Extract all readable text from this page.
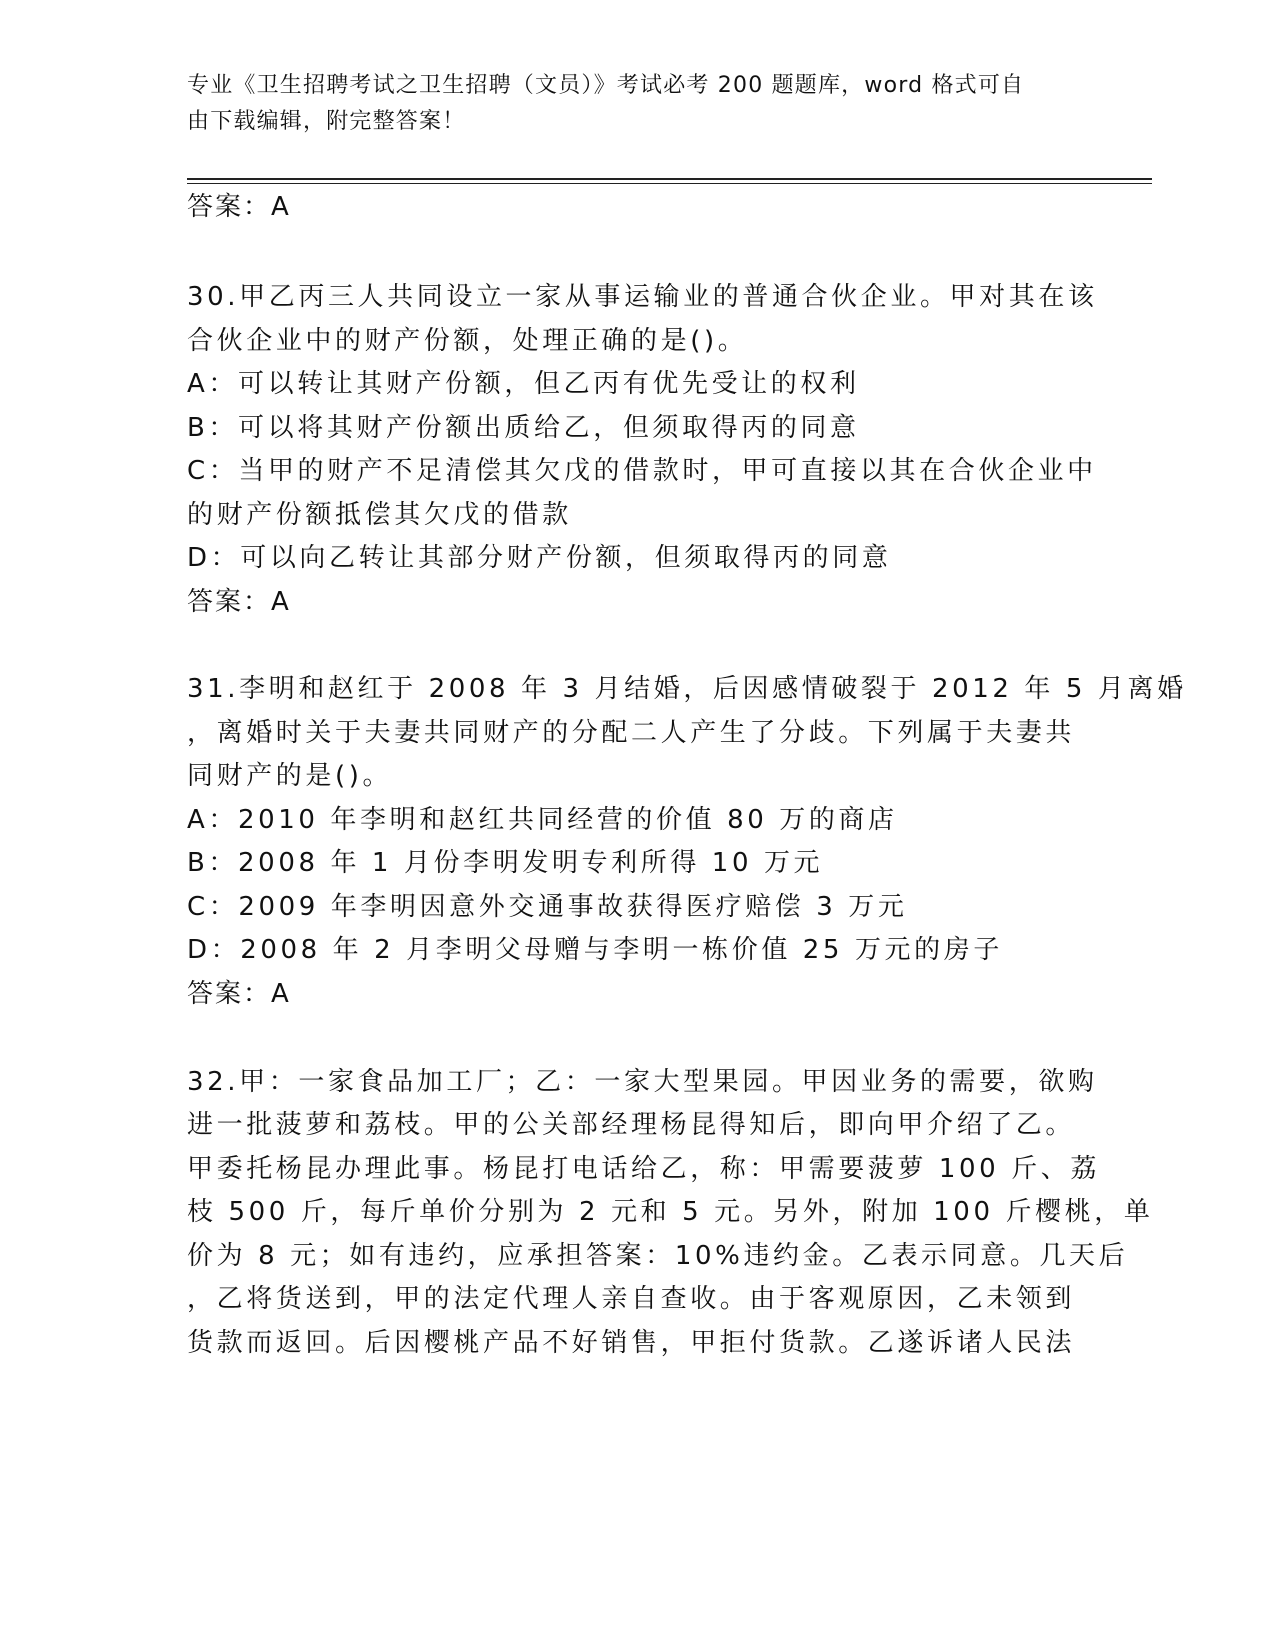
专业《卫生招聘考试之卫生招聘（文员）》考试必考 200 题题库，word 格式可自
由下载编辑，附完整答案！
答案：A
30.甲乙丙三人共同设立一家从事运输业的普通合伙企业。甲对其在该
合伙企业中的财产份额，处理正确的是()。
A：可以转让其财产份额，但乙丙有优先受让的权利
B：可以将其财产份额出质给乙，但须取得丙的同意
C：当甲的财产不足清偿其欠戊的借款时，甲可直接以其在合伙企业中
的财产份额抵偿其欠戊的借款
D：可以向乙转让其部分财产份额，但须取得丙的同意
答案：A
31.李明和赵红于 2008 年 3 月结婚，后因感情破裂于 2012 年 5 月离婚
，离婚时关于夫妻共同财产的分配二人产生了分歧。下列属于夫妻共
同财产的是()。
A：2010 年李明和赵红共同经营的价值 80 万的商店
B：2008 年 1 月份李明发明专利所得 10 万元
C：2009 年李明因意外交通事故获得医疗赔偿 3 万元
D：2008 年 2 月李明父母赠与李明一栋价值 25 万元的房子
答案：A
32.甲：一家食品加工厂；乙：一家大型果园。甲因业务的需要，欲购
进一批菠萝和荔枝。甲的公关部经理杨昆得知后，即向甲介绍了乙。
甲委托杨昆办理此事。杨昆打电话给乙，称：甲需要菠萝 100 斤、荔
枝 500 斤，每斤单价分别为 2 元和 5 元。另外，附加 100 斤樱桃，单
价为 8 元；如有违约，应承担答案：10%违约金。乙表示同意。几天后
，乙将货送到，甲的法定代理人亲自查收。由于客观原因，乙未领到
货款而返回。后因樱桃产品不好销售，甲拒付货款。乙遂诉诸人民法
